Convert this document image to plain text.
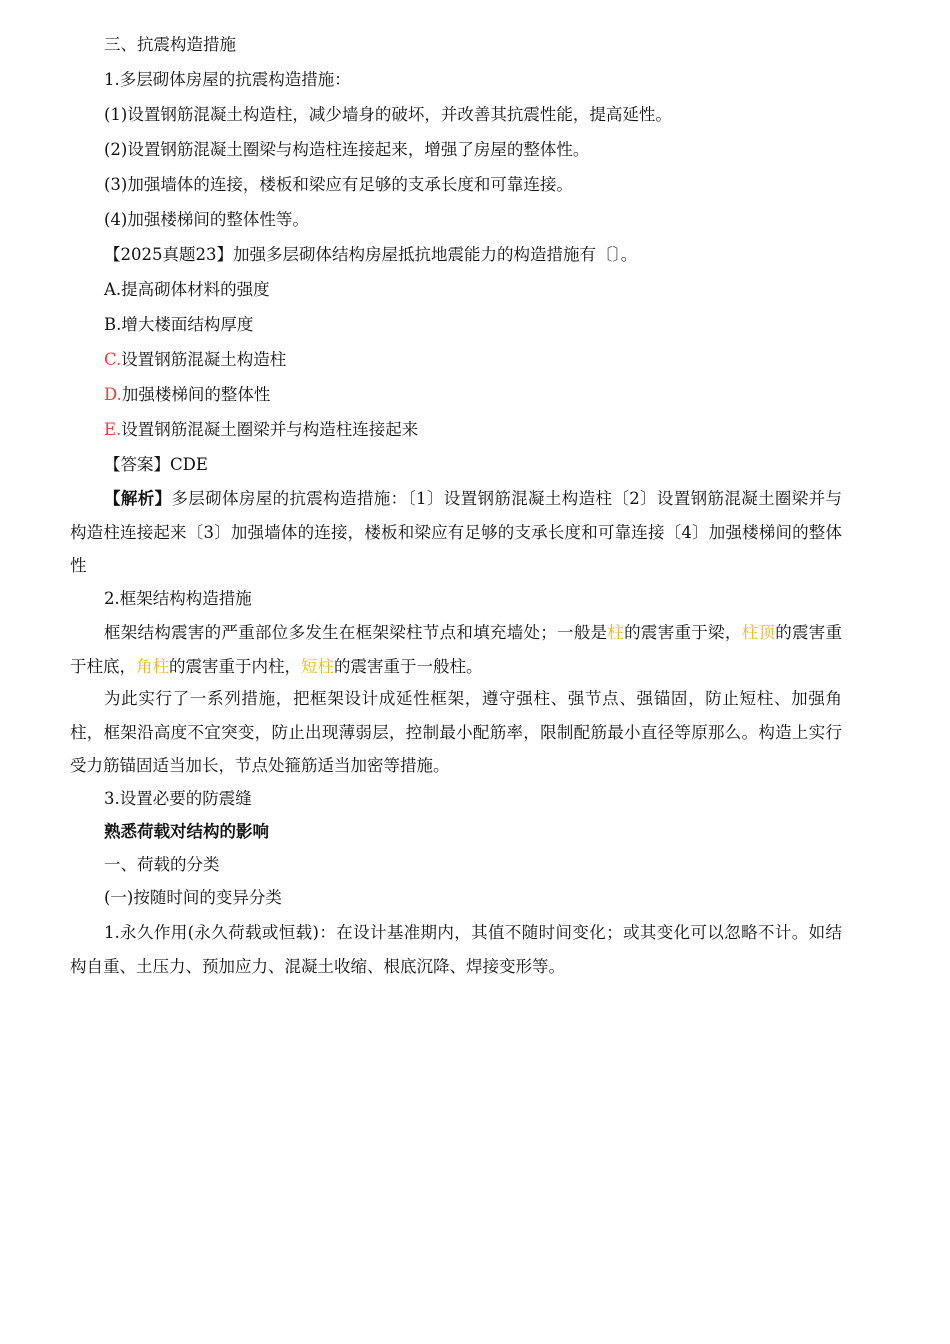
三、抗震构造措施
1.多层砌体房屋的抗震构造措施：
(1)设置钢筋混凝土构造柱，减少墙身的破坏，并改善其抗震性能，提高延性。
(2)设置钢筋混凝土圈梁与构造柱连接起来，增强了房屋的整体性。
(3)加强墙体的连接，楼板和梁应有足够的支承长度和可靠连接。
(4)加强楼梯间的整体性等。
【2025真题23】加强多层砌体结构房屋抵抗地震能力的构造措施有〔〕。
A.提高砌体材料的强度
B.增大楼面结构厚度
C.设置钢筋混凝土构造柱
D.加强楼梯间的整体性
E.设置钢筋混凝土圈梁并与构造柱连接起来
【答案】CDE
【解析】多层砌体房屋的抗震构造措施：〔1〕设置钢筋混凝土构造柱〔2〕设置钢筋混凝土圈梁并与构造柱连接起来〔3〕加强墙体的连接，楼板和梁应有足够的支承长度和可靠连接〔4〕加强楼梯间的整体性
2.框架结构构造措施
框架结构震害的严重部位多发生在框架梁柱节点和填充墙处；一般是柱的震害重于梁，柱顶的震害重于柱底，角柱的震害重于内柱，短柱的震害重于一般柱。
为此实行了一系列措施，把框架设计成延性框架，遵守强柱、强节点、强锚固，防止短柱、加强角柱，框架沿高度不宜突变，防止出现薄弱层，控制最小配筋率，限制配筋最小直径等原那么。构造上实行受力筋锚固适当加长，节点处箍筋适当加密等措施。
3.设置必要的防震缝
熟悉荷载对结构的影响
一、荷载的分类
(一)按随时间的变异分类
1.永久作用(永久荷载或恒载)：在设计基准期内，其值不随时间变化；或其变化可以忽略不计。如结构自重、土压力、预加应力、混凝土收缩、根底沉降、焊接变形等。
